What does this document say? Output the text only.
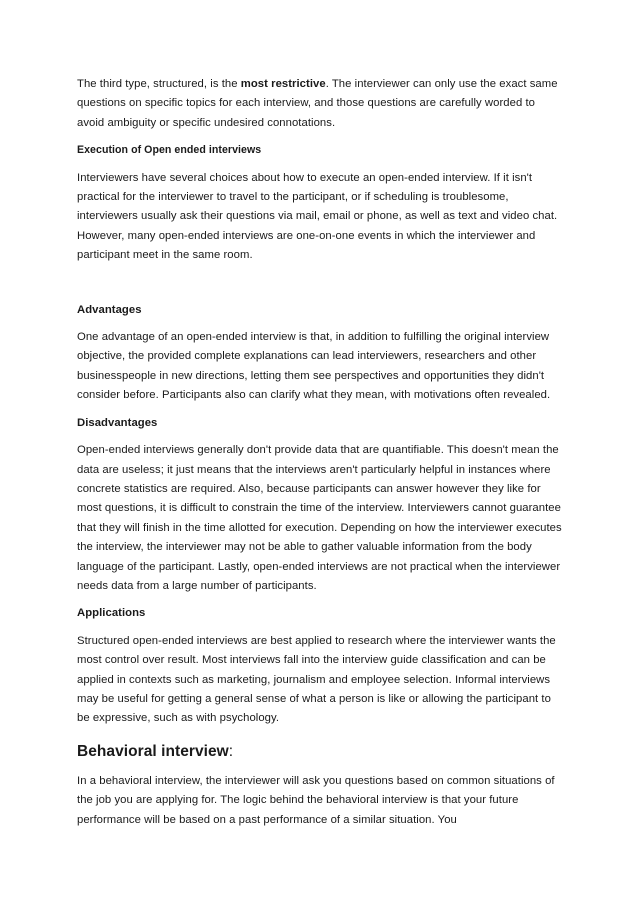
The third type, structured, is the most restrictive. The interviewer can only use the exact same questions on specific topics for each interview, and those questions are carefully worded to avoid ambiguity or specific undesired connotations.

Execution of Open ended interviews

Interviewers have several choices about how to execute an open-ended interview. If it isn't practical for the interviewer to travel to the participant, or if scheduling is troublesome, interviewers usually ask their questions via mail, email or phone, as well as text and video chat. However, many open-ended interviews are one-on-one events in which the interviewer and participant meet in the same room.

Advantages

One advantage of an open-ended interview is that, in addition to fulfilling the original interview objective, the provided complete explanations can lead interviewers, researchers and other businesspeople in new directions, letting them see perspectives and opportunities they didn't consider before. Participants also can clarify what they mean, with motivations often revealed.

Disadvantages

Open-ended interviews generally don't provide data that are quantifiable. This doesn't mean the data are useless; it just means that the interviews aren't particularly helpful in instances where concrete statistics are required. Also, because participants can answer however they like for most questions, it is difficult to constrain the time of the interview. Interviewers cannot guarantee that they will finish in the time allotted for execution. Depending on how the interviewer executes the interview, the interviewer may not be able to gather valuable information from the body language of the participant. Lastly, open-ended interviews are not practical when the interviewer needs data from a large number of participants.

Applications

Structured open-ended interviews are best applied to research where the interviewer wants the most control over result. Most interviews fall into the interview guide classification and can be applied in contexts such as marketing, journalism and employee selection. Informal interviews may be useful for getting a general sense of what a person is like or allowing the participant to be expressive, such as with psychology.

Behavioral interview:

In a behavioral interview, the interviewer will ask you questions based on common situations of the job you are applying for. The logic behind the behavioral interview is that your future performance will be based on a past performance of a similar situation. You
